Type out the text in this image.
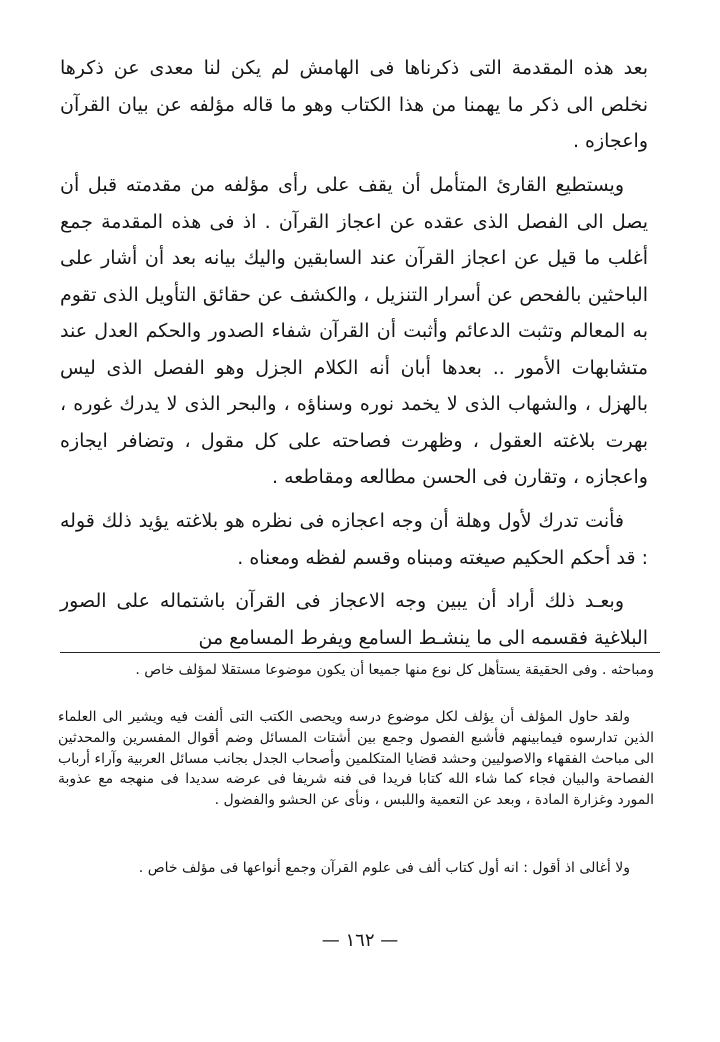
بعد هذه المقدمة التى ذكرناها فى الهامش لم يكن لنا معدى عن ذكرها نخلص الى ذكر ما يهمنا من هذا الكتاب وهو ما قاله مؤلفه عن بيان القرآن واعجازه .

ويستطيع القارئ المتأمل أن يقف على رأى مؤلفه من مقدمته قبل أن يصل الى الفصل الذى عقده عن اعجاز القرآن . اذ فى هذه المقدمة جمع أغلب ما قيل عن اعجاز القرآن عند السابقين واليك بيانه بعد أن أشار على الباحثين بالفحص عن أسرار التنزيل ، والكشف عن حقائق التأويل الذى تقوم به المعالم وتثبت الدعائم وأثبت أن القرآن شفاء الصدور والحكم العدل عند متشابهات الأمور .. بعدها أبان أنه الكلام الجزل وهو الفصل الذى ليس بالهزل ، والشهاب الذى لا يخمد نوره وسناؤه ، والبحر الذى لا يدرك غوره ، بهرت بلاغته العقول ، وظهرت فصاحته على كل مقول ، وتضافر ايجازه واعجازه ، وتقارن فى الحسن مطالعه ومقاطعه .

فأنت تدرك لأول وهلة أن وجه اعجازه فى نظره هو بلاغته يؤيد ذلك قوله : قد أحكم الحكيم صيغته ومبناه وقسم لفظه ومعناه .

وبعـد ذلك أراد أن يبين وجه الاعجاز فى القرآن باشتماله على الصور البلاغية فقسمه الى ما ينشـط السامع ويفرط المسامع من

ومباحثه . وفى الحقيقة يستأهل كل نوع منها جميعا أن يكون موضوعا مستقلا لمؤلف خاص .

ولقد حاول المؤلف أن يؤلف لكل موضوع درسه ويحصى الكتب التى ألفت فيه ويشير الى العلماء الذين تدارسوه فيمابينهم فأشبع الفصول وجمع بين أشتات المسائل وضم أقوال المفسرين والمحدثين الى مباحث الفقهاء والاصوليين وحشد قضايا المتكلمين وأصحاب الجدل بجانب مسائل العربية وآراء أرباب الفصاحة والبيان فجاء كما شاء الله كتابا فريدا فى فنه شريفا فى عرضه سديدا فى منهجه مع عذوبة المورد وغزارة المادة ، وبعد عن التعمية واللبس ، ونأى عن الحشو والفضول .

ولا أغالى اذ أقول : انه أول كتاب ألف فى علوم القرآن وجمع أنواعها فى مؤلف خاص .

— ١٦٢ —
